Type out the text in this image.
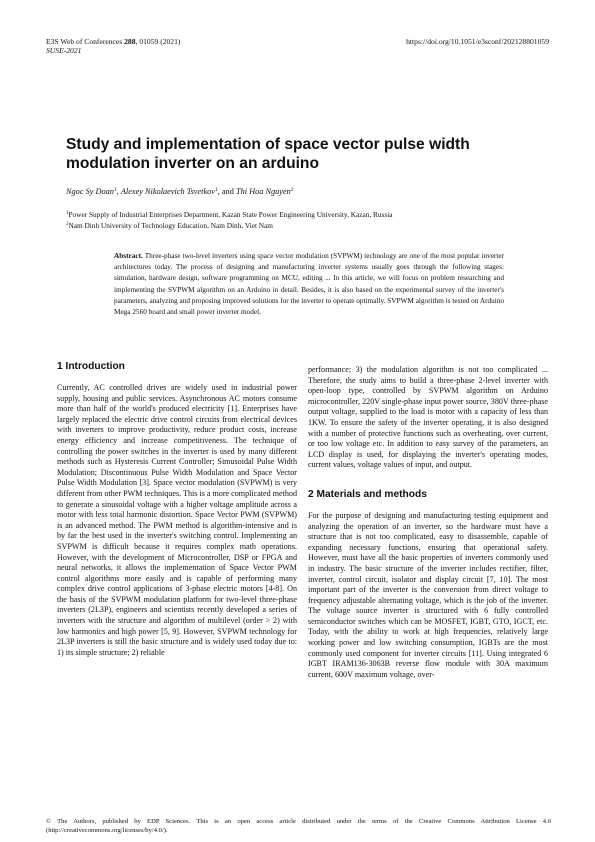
E3S Web of Conferences 288, 01059 (2021)
SUSE-2021
https://doi.org/10.1051/e3sconf/202128801059
Study and implementation of space vector pulse width modulation inverter on an arduino
Ngoc Sy Doan$^1$, Alexey Nikolaevich Tsvetkov$^1$, and Thi Hoa Nguyen$^2$
$^1$Power Supply of Industrial Enterprises Department, Kazan State Power Engineering University, Kazan, Russia
$^2$Nam Dinh University of Technology Education, Nam Dinh, Viet Nam

Abstract. Three-phase two-level inverters using space vector modulation (SVPWM) technology are one of the most popular inverter architectures today. The process of designing and manufacturing inverter systems usually goes through the following stages: simulation, hardware design, software programming on MCU, editing ... In this article, we will focus on problem researching and implementing the SVPWM algorithm on an Arduino in detail. Besides, it is also based on the experimental survey of the inverter's parameters, analyzing and proposing improved solutions for the inverter to operate optimally. SVPWM algorithm is tested on Arduino Mega 2560 board and small power inverter model.

1 Introduction

Currently, AC controlled drives are widely used in industrial power supply, housing and public services. Asynchronous AC motors consume more than half of the world's produced electricity [1]. Enterprises have largely replaced the electric drive control circuits from electrical devices with inverters to improve productivity, reduce product costs, increase energy efficiency and increase competitiveness. The technique of controlling the power switches in the inverter is used by many different methods such as Hysteresis Current Controller; Simusoidal Pulse Width Modulation; Discontinuous Pulse Width Modulation and Space Vector Pulse Width Modulation [3]. Space vector modulation (SVPWM) is very different from other PWM techniques. This is a more complicated method to generate a sinusoidal voltage with a higher voltage amplitude across a motor with less total harmonic distortion. Space Vector PWM (SVPWM) is an advanced method. The PWM method is algorithm-intensive and is by far the best used in the inverter's switching control. Implementing an SVPWM is difficult because it requires complex math operations. However, with the development of Microcontroller, DSP or FPGA and neural networks, it allows the implementation of Space Vector PWM control algorithms more easily and is capable of performing many complex drive control applications of 3-phase electric motors [4-8]. On the basis of the SVPWM modulation platform for two-level three-phase inverters (2L3P), engineers and scientists recently developed a series of inverters with the structure and algorithm of multilevel (order > 2) with low harmonics and high power [5, 9]. However, SVPWM technology for 2L3P inverters is still the basic structure and is widely used today due to: 1) its simple structure; 2) reliable

performance; 3) the modulation algorithm is not too complicated ... Therefore, the study aims to build a three-phase 2-level inverter with open-loop type, controlled by SVPWM algorithm on Arduino microcontroller, 220V single-phase input power source, 380V three-phase output voltage, supplied to the load is motor with a capacity of less than 1KW. To ensure the safety of the inverter operating, it is also designed with a number of protective functions such as overheating, over current, or too low voltage etc. In addition to easy survey of the parameters, an LCD display is used, for displaying the inverter's operating modes, current values, voltage values of input, and output.

2 Materials and methods

For the purpose of designing and manufacturing testing equipment and analyzing the operation of an inverter, so the hardware must have a structure that is not too complicated, easy to disassemble, capable of expanding necessary functions, ensuring that operational safety. However, must have all the basic properties of inverters commonly used in industry. The basic structure of the inverter includes rectifier, filter, inverter, control circuit, isolator and display circuit [7, 10]. The most important part of the inverter is the conversion from direct voltage to frequency adjustable alternating voltage, which is the job of the inverter. The voltage source inverter is structured with 6 fully controlled semiconductor switches which can be MOSFET, IGBT, GTO, IGCT, etc. Today, with the ability to work at high frequencies, relatively large working power and low switching consumption, IGBTs are the most commonly used component for inverter circuits [11]. Using integrated 6 IGBT IRAM136-3063B reverse flow module with 30A maximum current, 600V maximum voltage, over-

© The Authors, published by EDP Sciences. This is an open access article distributed under the terms of the Creative Commons Attribution License 4.0 (http://creativecommons.org/licenses/by/4.0/).
